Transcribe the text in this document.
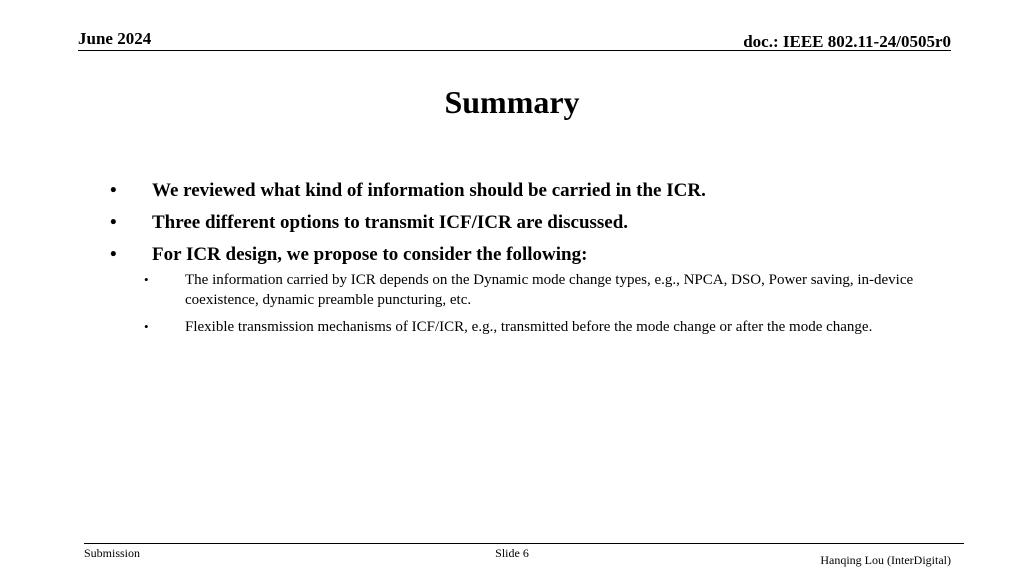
June 2024	doc.: IEEE 802.11-24/0505r0
Summary
• We reviewed what kind of information should be carried in the ICR.
• Three different options to transmit ICF/ICR are discussed.
• For ICR design, we propose to consider the following:
• The information carried by ICR depends on the Dynamic mode change types, e.g., NPCA, DSO, Power saving, in-device coexistence, dynamic preamble puncturing, etc.
• Flexible transmission mechanisms of ICF/ICR, e.g., transmitted before the mode change or after the mode change.
Submission	Slide 6	Hanqing Lou (InterDigital)
